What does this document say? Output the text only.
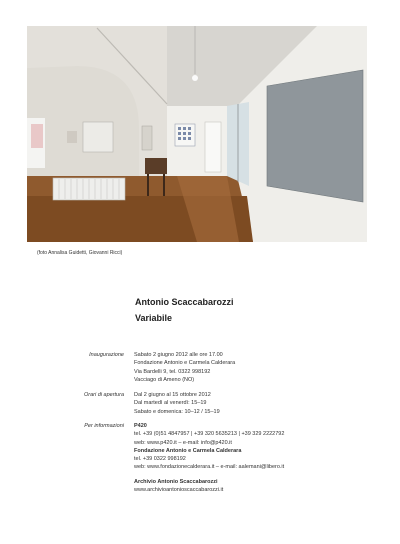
(foto Annalisa Guidetti, Giovanni Ricci)
Antonio Scaccabarozzi
Variabile
Inaugurazione Sabato 2 giugno 2012 alle ore 17.00
Fondazione Antonio e Carmela Calderara
Via Bardelli 9, tel. 0322 998192
Vacciago di Ameno (NO)
Orari di apertura Dal 2 giugno al 15 ottobre 2012
Dal martedì al venerdì: 15–19
Sabato e domenica: 10–12 / 15–19
Per informazioni P420
tel. +39 (0)51 4847957 | +39 320 5635213 | +39 329 2222792
web: www.p420.it – e-mail: info@p420.it
Fondazione Antonio e Carmela Calderara
tel. +39 0322 998192
web: www.fondazionecalderara.it – e-mail: aalemani@libero.it
Archivio Antonio Scaccabarozzi
www.archivioantonioscaccabarozzi.it
